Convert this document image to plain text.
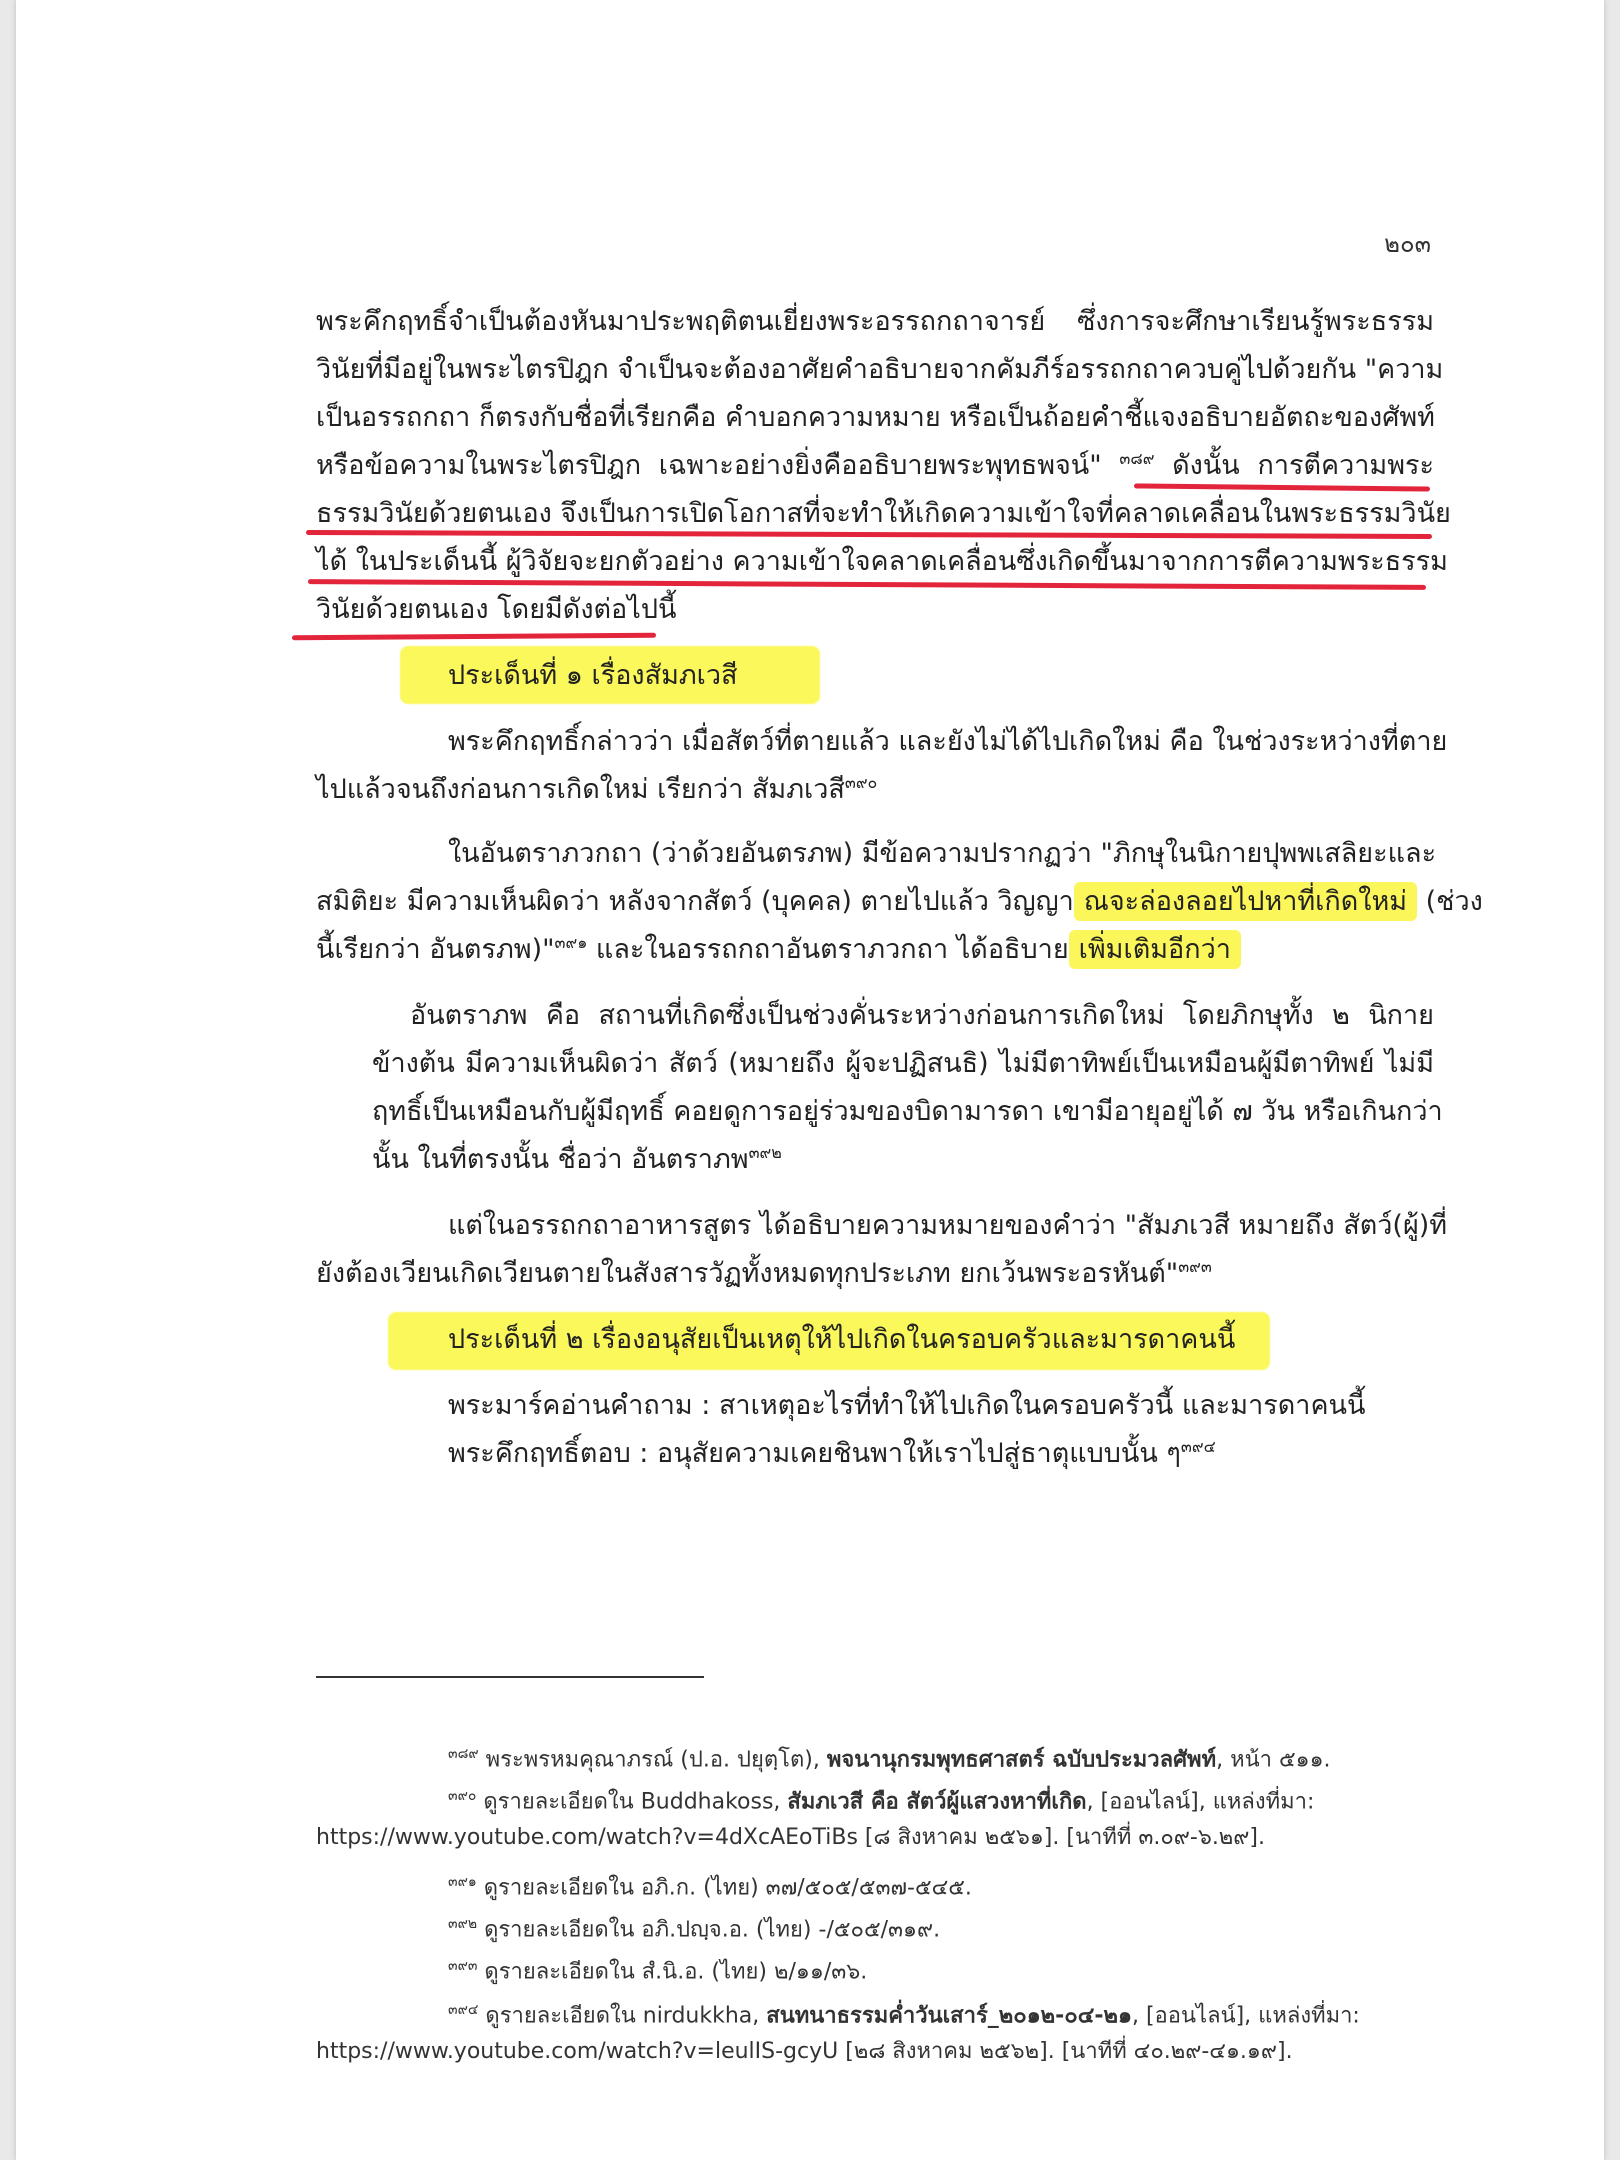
๒๐๓
พระคึกฤทธิ์จำเป็นต้องหันมาประพฤติตนเยี่ยงพระอรรถกถาจารย์ ซึ่งการจะศึกษาเรียนรู้พระธรรม
วินัยที่มีอยู่ในพระไตรปิฎก จำเป็นจะต้องอาศัยคำอธิบายจากคัมภีร์อรรถกถาควบคู่ไปด้วยกัน "ความ
เป็นอรรถกถา ก็ตรงกับชื่อที่เรียกคือ คำบอกความหมาย หรือเป็นถ้อยคำชี้แจงอธิบายอัตถะของศัพท์
หรือข้อความในพระไตรปิฎก เฉพาะอย่างยิ่งคืออธิบายพระพุทธพจน์" $^{๓๘๙}$ ดังนั้น การตีความพระ
ธรรมวินัยด้วยตนเอง จึงเป็นการเปิดโอกาสที่จะทำให้เกิดความเข้าใจที่คลาดเคลื่อนในพระธรรมวินัย
ได้ ในประเด็นนี้ ผู้วิจัยจะยกตัวอย่าง ความเข้าใจคลาดเคลื่อนซึ่งเกิดขึ้นมาจากการตีความพระธรรม
วินัยด้วยตนเอง โดยมีดังต่อไปนี้
ประเด็นที่ ๑ เรื่องสัมภเวสี
พระคึกฤทธิ์กล่าวว่า เมื่อสัตว์ที่ตายแล้ว และยังไม่ได้ไปเกิดใหม่ คือ ในช่วงระหว่างที่ตาย
ไปแล้วจนถึงก่อนการเกิดใหม่ เรียกว่า สัมภเวสี$^{๓๙๐}$
ในอันตราภวกถา (ว่าด้วยอันตรภพ) มีข้อความปรากฏว่า "ภิกษุในนิกายปุพพเสลิยะและ
สมิติยะ มีความเห็นผิดว่า หลังจากสัตว์ (บุคคล) ตายไปแล้ว วิญญา ณจะล่องลอยไปหาที่เกิดใหม่ (ช่วง
นี้เรียกว่า อันตรภพ)"$^{๓๙๑}$ และในอรรถกถาอันตราภวกถา ได้อธิบาย เพิ่มเติมอีกว่า
อันตราภพ คือ สถานที่เกิดซึ่งเป็นช่วงคั่นระหว่างก่อนการเกิดใหม่ โดยภิกษุทั้ง ๒ นิกาย
ข้างต้น มีความเห็นผิดว่า สัตว์ (หมายถึง ผู้จะปฏิสนธิ) ไม่มีตาทิพย์เป็นเหมือนผู้มีตาทิพย์ ไม่มี
ฤทธิ์เป็นเหมือนกับผู้มีฤทธิ์ คอยดูการอยู่ร่วมของบิดามารดา เขามีอายุอยู่ได้ ๗ วัน หรือเกินกว่า
นั้น ในที่ตรงนั้น ชื่อว่า อันตราภพ$^{๓๙๒}$
แต่ในอรรถกถาอาหารสูตร ได้อธิบายความหมายของคำว่า "สัมภเวสี หมายถึง สัตว์(ผู้)ที่
ยังต้องเวียนเกิดเวียนตายในสังสารวัฏทั้งหมดทุกประเภท ยกเว้นพระอรหันต์"$^{๓๙๓}$
ประเด็นที่ ๒ เรื่องอนุสัยเป็นเหตุให้ไปเกิดในครอบครัวและมารดาคนนี้
พระมาร์คอ่านคำถาม : สาเหตุอะไรที่ทำให้ไปเกิดในครอบครัวนี้ และมารดาคนนี้
พระคึกฤทธิ์ตอบ : อนุสัยความเคยชินพาให้เราไปสู่ธาตุแบบนั้น ๆ$^{๓๙๔}$
$^{๓๘๙}$ พระพรหมคุณาภรณ์ (ป.อ. ปยุตฺโต), พจนานุกรมพุทธศาสตร์ ฉบับประมวลศัพท์, หน้า ๕๑๑.
$^{๓๙๐}$ ดูรายละเอียดใน Buddhakoss, สัมภเวสี คือ สัตว์ผู้แสวงหาที่เกิด, [ออนไลน์], แหล่งที่มา:
https://www.youtube.com/watch?v=4dXcAEoTiBs [๘ สิงหาคม ๒๕๖๑]. [นาทีที่ ๓.๐๙-๖.๒๙].
$^{๓๙๑}$ ดูรายละเอียดใน อภิ.ก. (ไทย) ๓๗/๕๐๕/๕๓๗-๕๔๕.
$^{๓๙๒}$ ดูรายละเอียดใน อภิ.ปญฺจ.อ. (ไทย) -/๕๐๕/๓๑๙.
$^{๓๙๓}$ ดูรายละเอียดใน สํ.นิ.อ. (ไทย) ๒/๑๑/๓๖.
$^{๓๙๔}$ ดูรายละเอียดใน nirdukkha, สนทนาธรรมค่ำวันเสาร์_๒๐๑๒-๐๔-๒๑, [ออนไลน์], แหล่งที่มา:
https://www.youtube.com/watch?v=leulIS-gcyU [๒๘ สิงหาคม ๒๕๖๒]. [นาทีที่ ๔๐.๒๙-๔๑.๑๙].
